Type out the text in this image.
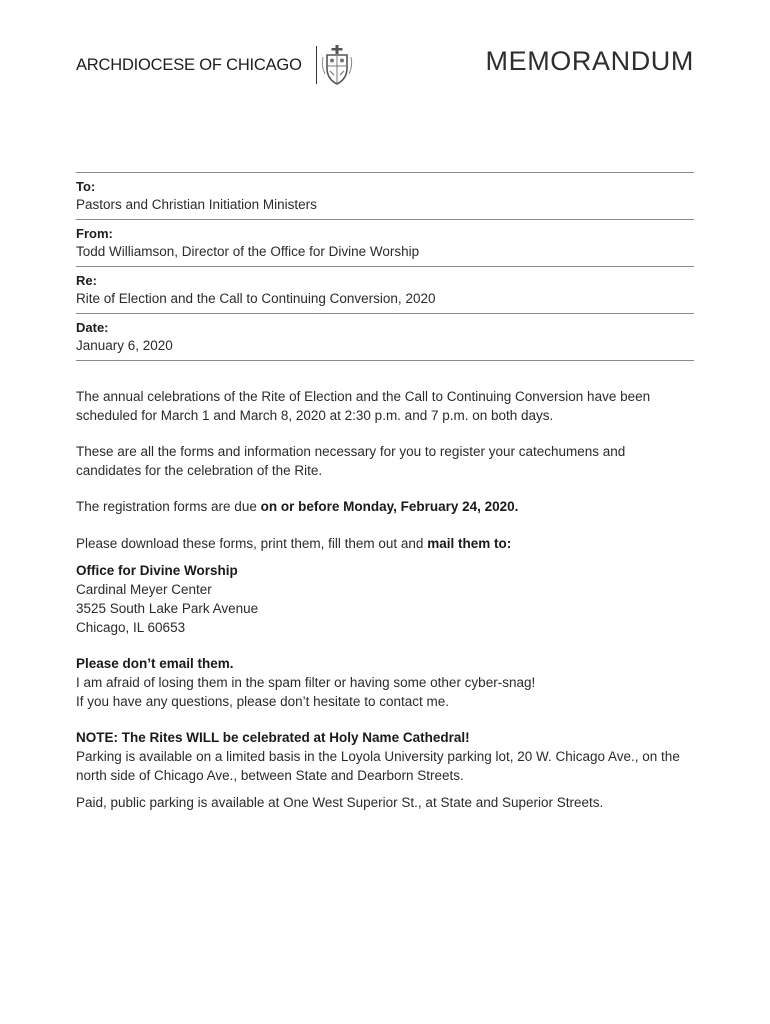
ARCHDIOCESE OF CHICAGO	MEMORANDUM
To:
Pastors and Christian Initiation Ministers
From:
Todd Williamson, Director of the Office for Divine Worship
Re:
Rite of Election and the Call to Continuing Conversion, 2020
Date:
January 6, 2020

The annual celebrations of the Rite of Election and the Call to Continuing Conversion have been scheduled for March 1 and March 8, 2020 at 2:30 p.m. and 7 p.m. on both days.

These are all the forms and information necessary for you to register your catechumens and candidates for the celebration of the Rite.

The registration forms are due on or before Monday, February 24, 2020.

Please download these forms, print them, fill them out and mail them to:

Office for Divine Worship

Cardinal Meyer Center

3525 South Lake Park Avenue

Chicago, IL 60653

Please don’t email them.

I am afraid of losing them in the spam filter or having some other cyber-snag!

If you have any questions, please don’t hesitate to contact me.

NOTE: The Rites WILL be celebrated at Holy Name Cathedral!

Parking is available on a limited basis in the Loyola University parking lot, 20 W. Chicago Ave., on the north side of Chicago Ave., between State and Dearborn Streets.

Paid, public parking is available at One West Superior St., at State and Superior Streets.
